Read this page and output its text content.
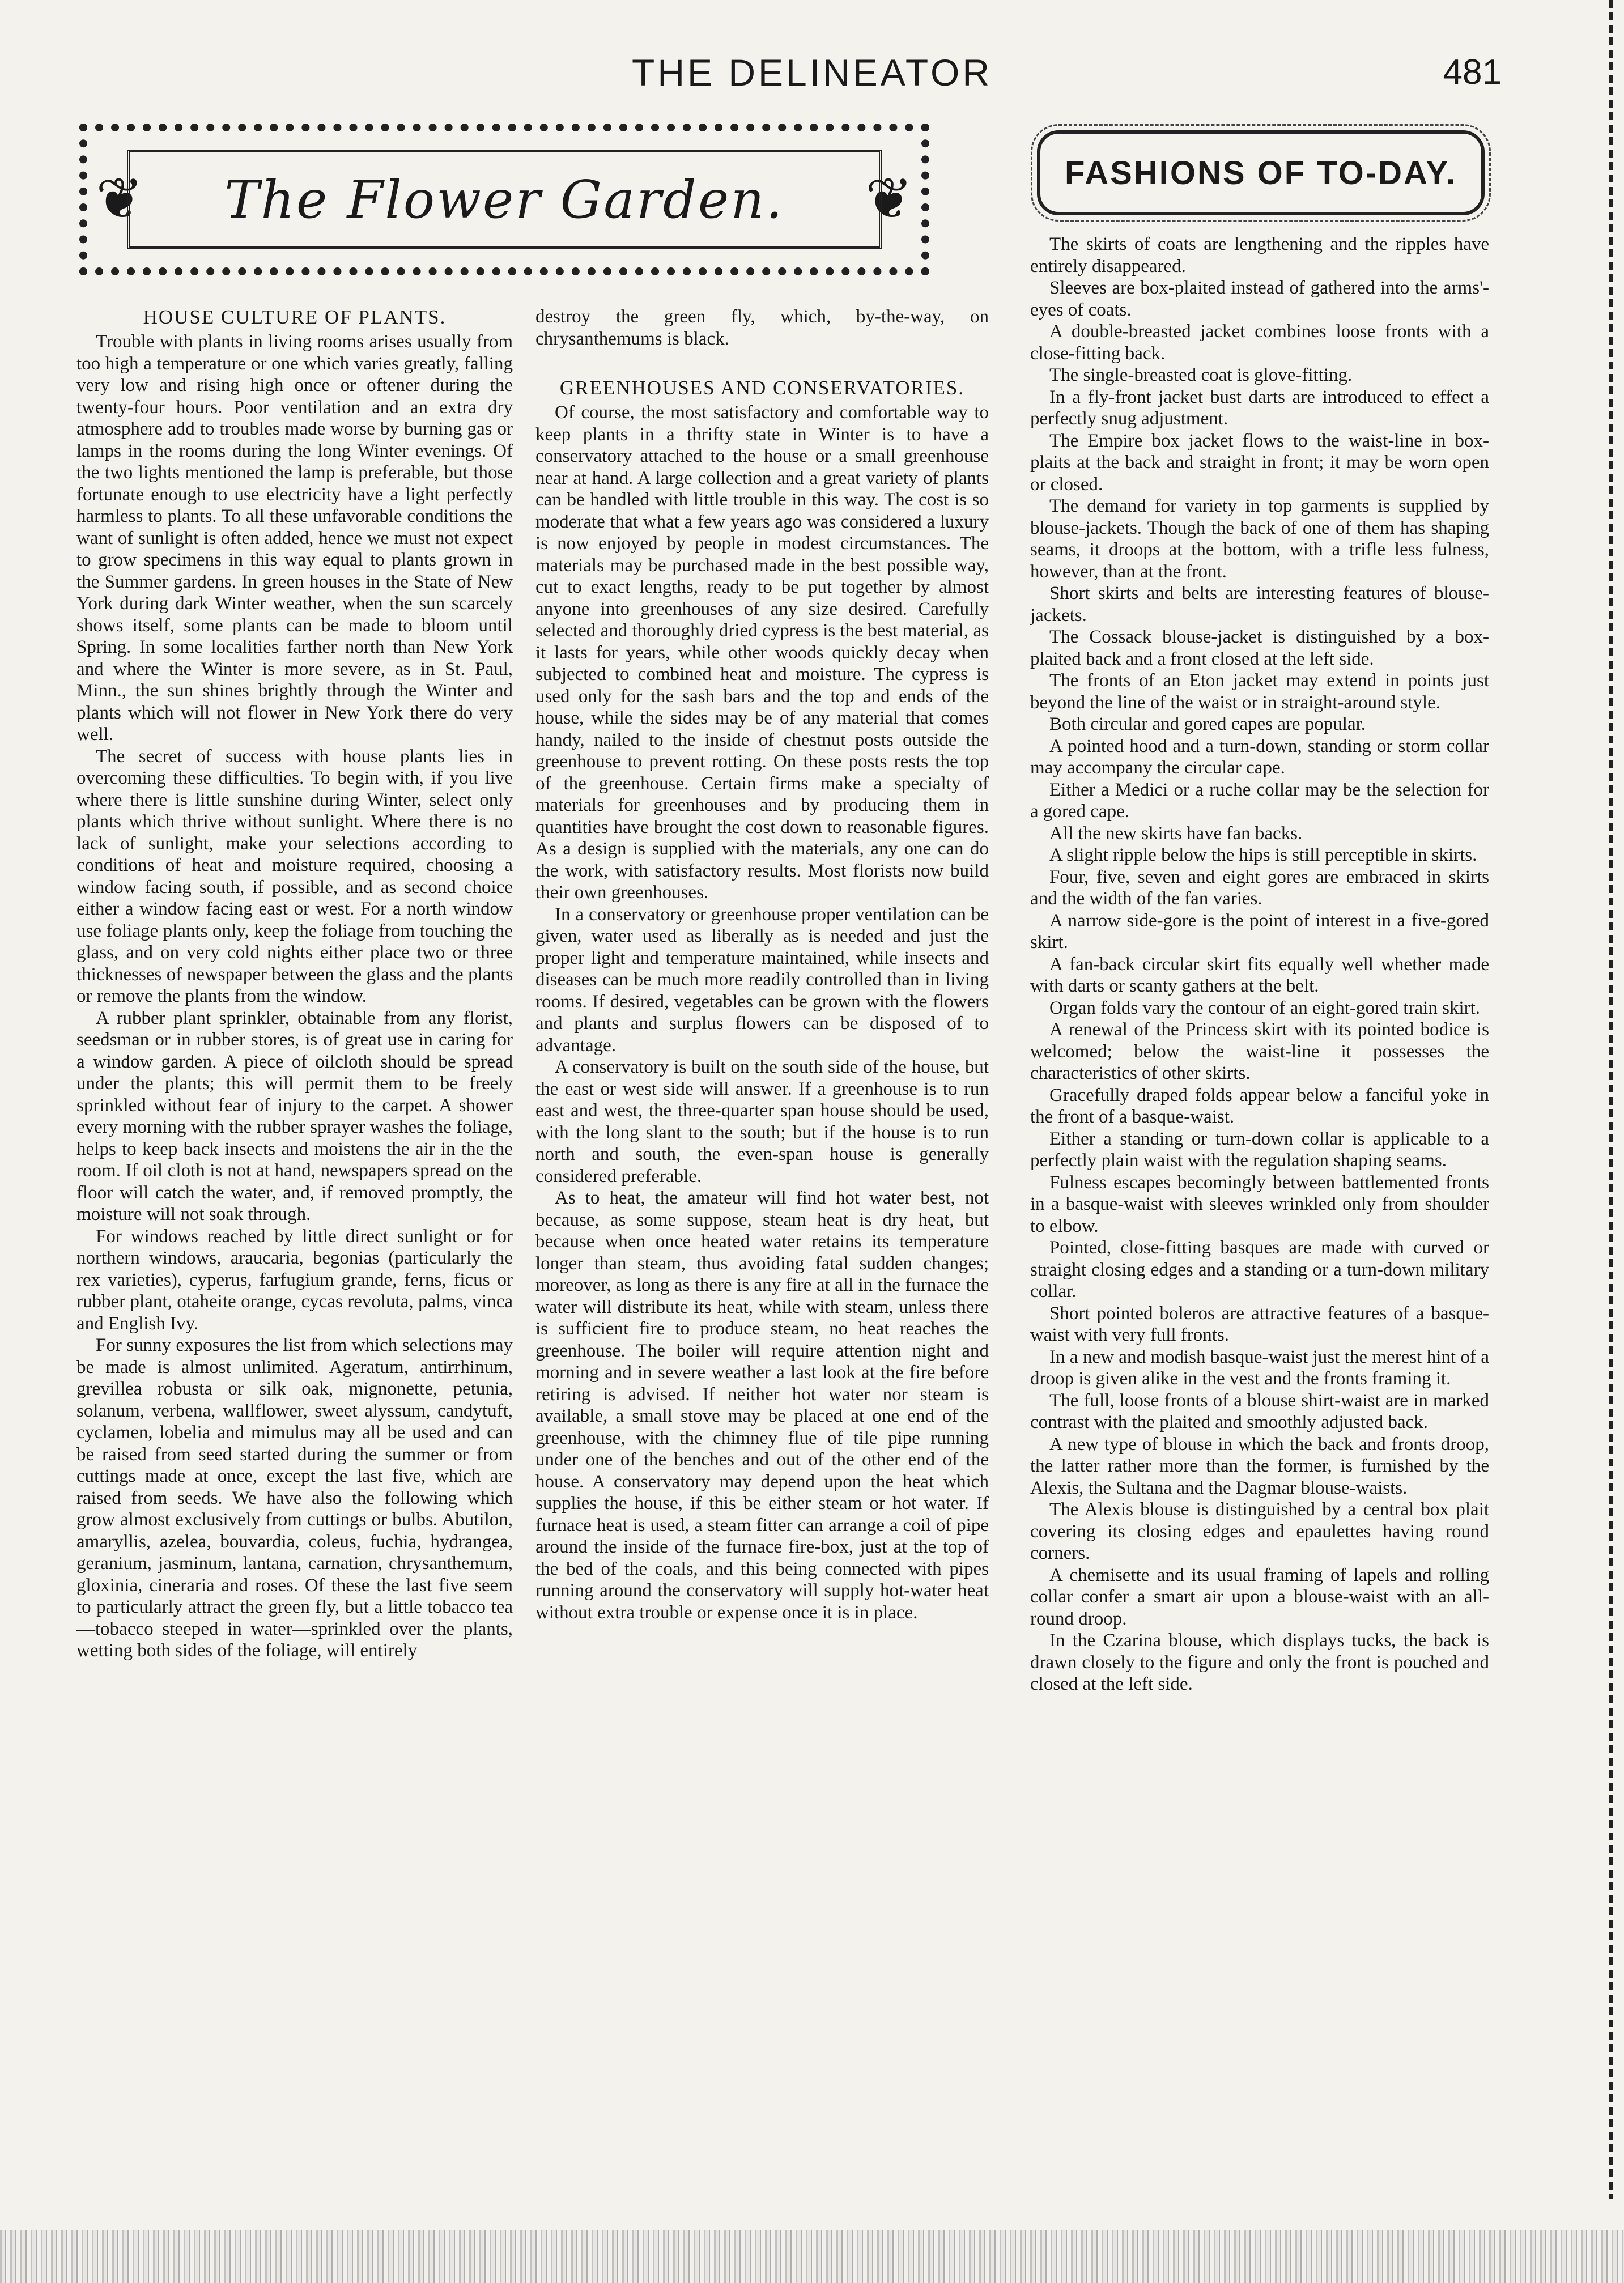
THE DELINEATOR	481
❦	❦
The Flower Garden.	FASHIONS OF TO-DAY.
HOUSE CULTURE OF PLANTS.

Trouble with plants in living rooms arises usually from too high a temperature or one which varies greatly, falling very low and rising high once or oftener during the twenty-four hours. Poor ventilation and an extra dry atmosphere add to troubles made worse by burning gas or lamps in the rooms during the long Winter evenings. Of the two lights mentioned the lamp is preferable, but those fortunate enough to use electricity have a light perfectly harmless to plants. To all these unfavorable conditions the want of sunlight is often added, hence we must not expect to grow specimens in this way equal to plants grown in the Summer gardens. In green houses in the State of New York during dark Winter weather, when the sun scarcely shows itself, some plants can be made to bloom until Spring. In some localities farther north than New York and where the Winter is more severe, as in St. Paul, Minn., the sun shines brightly through the Winter and plants which will not flower in New York there do very well.

The secret of success with house plants lies in overcoming these difficulties. To begin with, if you live where there is little sunshine during Winter, select only plants which thrive without sunlight. Where there is no lack of sunlight, make your selections according to conditions of heat and moisture required, choosing a window facing south, if possible, and as second choice either a window facing east or west. For a north window use foliage plants only, keep the foliage from touching the glass, and on very cold nights either place two or three thicknesses of newspaper between the glass and the plants or remove the plants from the window.

A rubber plant sprinkler, obtainable from any florist, seedsman or in rubber stores, is of great use in caring for a window garden. A piece of oilcloth should be spread under the plants; this will permit them to be freely sprinkled without fear of injury to the carpet. A shower every morning with the rubber sprayer washes the foliage, helps to keep back insects and moistens the air in the the room. If oil cloth is not at hand, newspapers spread on the floor will catch the water, and, if removed promptly, the moisture will not soak through.

For windows reached by little direct sunlight or for northern windows, araucaria, begonias (particularly the rex varieties), cyperus, farfugium grande, ferns, ficus or rubber plant, otaheite orange, cycas revoluta, palms, vinca and English Ivy.

For sunny exposures the list from which selections may be made is almost unlimited. Ageratum, antirrhinum, grevillea robusta or silk oak, mignonette, petunia, solanum, verbena, wallflower, sweet alyssum, candytuft, cyclamen, lobelia and mimulus may all be used and can be raised from seed started during the summer or from cuttings made at once, except the last five, which are raised from seeds. We have also the following which grow almost exclusively from cuttings or bulbs. Abutilon, amaryllis, azelea, bouvardia, coleus, fuchia, hydrangea, geranium, jasminum, lantana, carnation, chrysanthemum, gloxinia, cineraria and roses. Of these the last five seem to particularly attract the green fly, but a little tobacco tea—tobacco steeped in water—sprinkled over the plants, wetting both sides of the foliage, will entirely

destroy the green fly, which, by-the-way, on chrysanthemums is black.

GREENHOUSES AND CONSERVATORIES.

Of course, the most satisfactory and comfortable way to keep plants in a thrifty state in Winter is to have a conservatory attached to the house or a small greenhouse near at hand. A large collection and a great variety of plants can be handled with little trouble in this way. The cost is so moderate that what a few years ago was considered a luxury is now enjoyed by people in modest circumstances. The materials may be purchased made in the best possible way, cut to exact lengths, ready to be put together by almost anyone into greenhouses of any size desired. Carefully selected and thoroughly dried cypress is the best material, as it lasts for years, while other woods quickly decay when subjected to combined heat and moisture. The cypress is used only for the sash bars and the top and ends of the house, while the sides may be of any material that comes handy, nailed to the inside of chestnut posts outside the greenhouse to prevent rotting. On these posts rests the top of the greenhouse. Certain firms make a specialty of materials for greenhouses and by producing them in quantities have brought the cost down to reasonable figures. As a design is supplied with the materials, any one can do the work, with satisfactory results. Most florists now build their own greenhouses.

In a conservatory or greenhouse proper ventilation can be given, water used as liberally as is needed and just the proper light and temperature maintained, while insects and diseases can be much more readily controlled than in living rooms. If desired, vegetables can be grown with the flowers and plants and surplus flowers can be disposed of to advantage.

A conservatory is built on the south side of the house, but the east or west side will answer. If a greenhouse is to run east and west, the three-quarter span house should be used, with the long slant to the south; but if the house is to run north and south, the even-span house is generally considered preferable.

As to heat, the amateur will find hot water best, not because, as some suppose, steam heat is dry heat, but because when once heated water retains its temperature longer than steam, thus avoiding fatal sudden changes; moreover, as long as there is any fire at all in the furnace the water will distribute its heat, while with steam, unless there is sufficient fire to produce steam, no heat reaches the greenhouse. The boiler will require attention night and morning and in severe weather a last look at the fire before retiring is advised. If neither hot water nor steam is available, a small stove may be placed at one end of the greenhouse, with the chimney flue of tile pipe running under one of the benches and out of the other end of the house. A conservatory may depend upon the heat which supplies the house, if this be either steam or hot water. If furnace heat is used, a steam fitter can arrange a coil of pipe around the inside of the furnace fire-box, just at the top of the bed of the coals, and this being connected with pipes running around the conservatory will supply hot-water heat without extra trouble or expense once it is in place.

The skirts of coats are lengthening and the ripples have entirely disappeared.

Sleeves are box-plaited instead of gathered into the arms'-eyes of coats.

A double-breasted jacket combines loose fronts with a close-fitting back.

The single-breasted coat is glove-fitting.

In a fly-front jacket bust darts are introduced to effect a perfectly snug adjustment.

The Empire box jacket flows to the waist-line in box-plaits at the back and straight in front; it may be worn open or closed.

The demand for variety in top garments is supplied by blouse-jackets. Though the back of one of them has shaping seams, it droops at the bottom, with a trifle less fulness, however, than at the front.

Short skirts and belts are interesting features of blouse-jackets.

The Cossack blouse-jacket is distinguished by a box-plaited back and a front closed at the left side.

The fronts of an Eton jacket may extend in points just beyond the line of the waist or in straight-around style.

Both circular and gored capes are popular.

A pointed hood and a turn-down, standing or storm collar may accompany the circular cape.

Either a Medici or a ruche collar may be the selection for a gored cape.

All the new skirts have fan backs.

A slight ripple below the hips is still perceptible in skirts.

Four, five, seven and eight gores are embraced in skirts and the width of the fan varies.

A narrow side-gore is the point of interest in a five-gored skirt.

A fan-back circular skirt fits equally well whether made with darts or scanty gathers at the belt.

Organ folds vary the contour of an eight-gored train skirt.

A renewal of the Princess skirt with its pointed bodice is welcomed; below the waist-line it possesses the characteristics of other skirts.

Gracefully draped folds appear below a fanciful yoke in the front of a basque-waist.

Either a standing or turn-down collar is applicable to a perfectly plain waist with the regulation shaping seams.

Fulness escapes becomingly between battlemented fronts in a basque-waist with sleeves wrinkled only from shoulder to elbow.

Pointed, close-fitting basques are made with curved or straight closing edges and a standing or a turn-down military collar.

Short pointed boleros are attractive features of a basque-waist with very full fronts.

In a new and modish basque-waist just the merest hint of a droop is given alike in the vest and the fronts framing it.

The full, loose fronts of a blouse shirt-waist are in marked contrast with the plaited and smoothly adjusted back.

A new type of blouse in which the back and fronts droop, the latter rather more than the former, is furnished by the Alexis, the Sultana and the Dagmar blouse-waists.

The Alexis blouse is distinguished by a central box plait covering its closing edges and epaulettes having round corners.

A chemisette and its usual framing of lapels and rolling collar confer a smart air upon a blouse-waist with an all-round droop.

In the Czarina blouse, which displays tucks, the back is drawn closely to the figure and only the front is pouched and closed at the left side.
